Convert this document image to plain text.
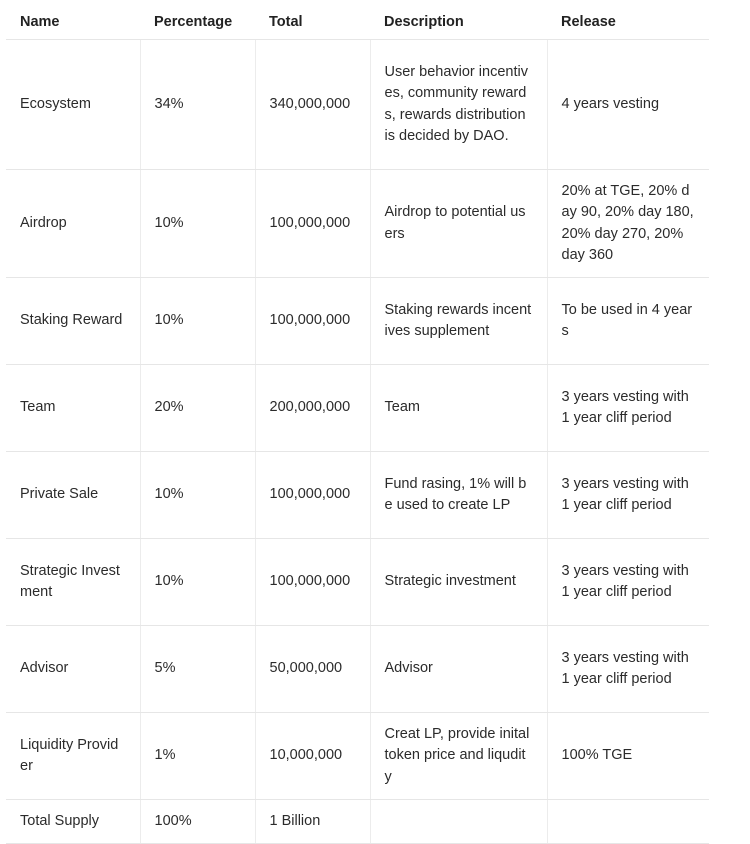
Name	Percentage	Total	Description	Release
Ecosystem	34%	340,000,000	User behavior incentives, community rewards, rewards distribution is decided by DAO.	4 years vesting
Airdrop	10%	100,000,000	Airdrop to potential users	20% at TGE, 20% day 90, 20% day 180, 20% day 270, 20% day 360
Staking Reward	10%	100,000,000	Staking rewards incentives supplement	To be used in 4 years
Team	20%	200,000,000	Team	3 years vesting with 1 year cliff period
Private Sale	10%	100,000,000	Fund rasing, 1% will be used to create LP	3 years vesting with 1 year cliff period
Strategic Investment	10%	100,000,000	Strategic investment	3 years vesting with 1 year cliff period
Advisor	5%	50,000,000	Advisor	3 years vesting with 1 year cliff period
Liquidity Provider	1%	10,000,000	Creat LP, provide inital token price and liqudity	100% TGE
Total Supply	100%	1 Billion		
